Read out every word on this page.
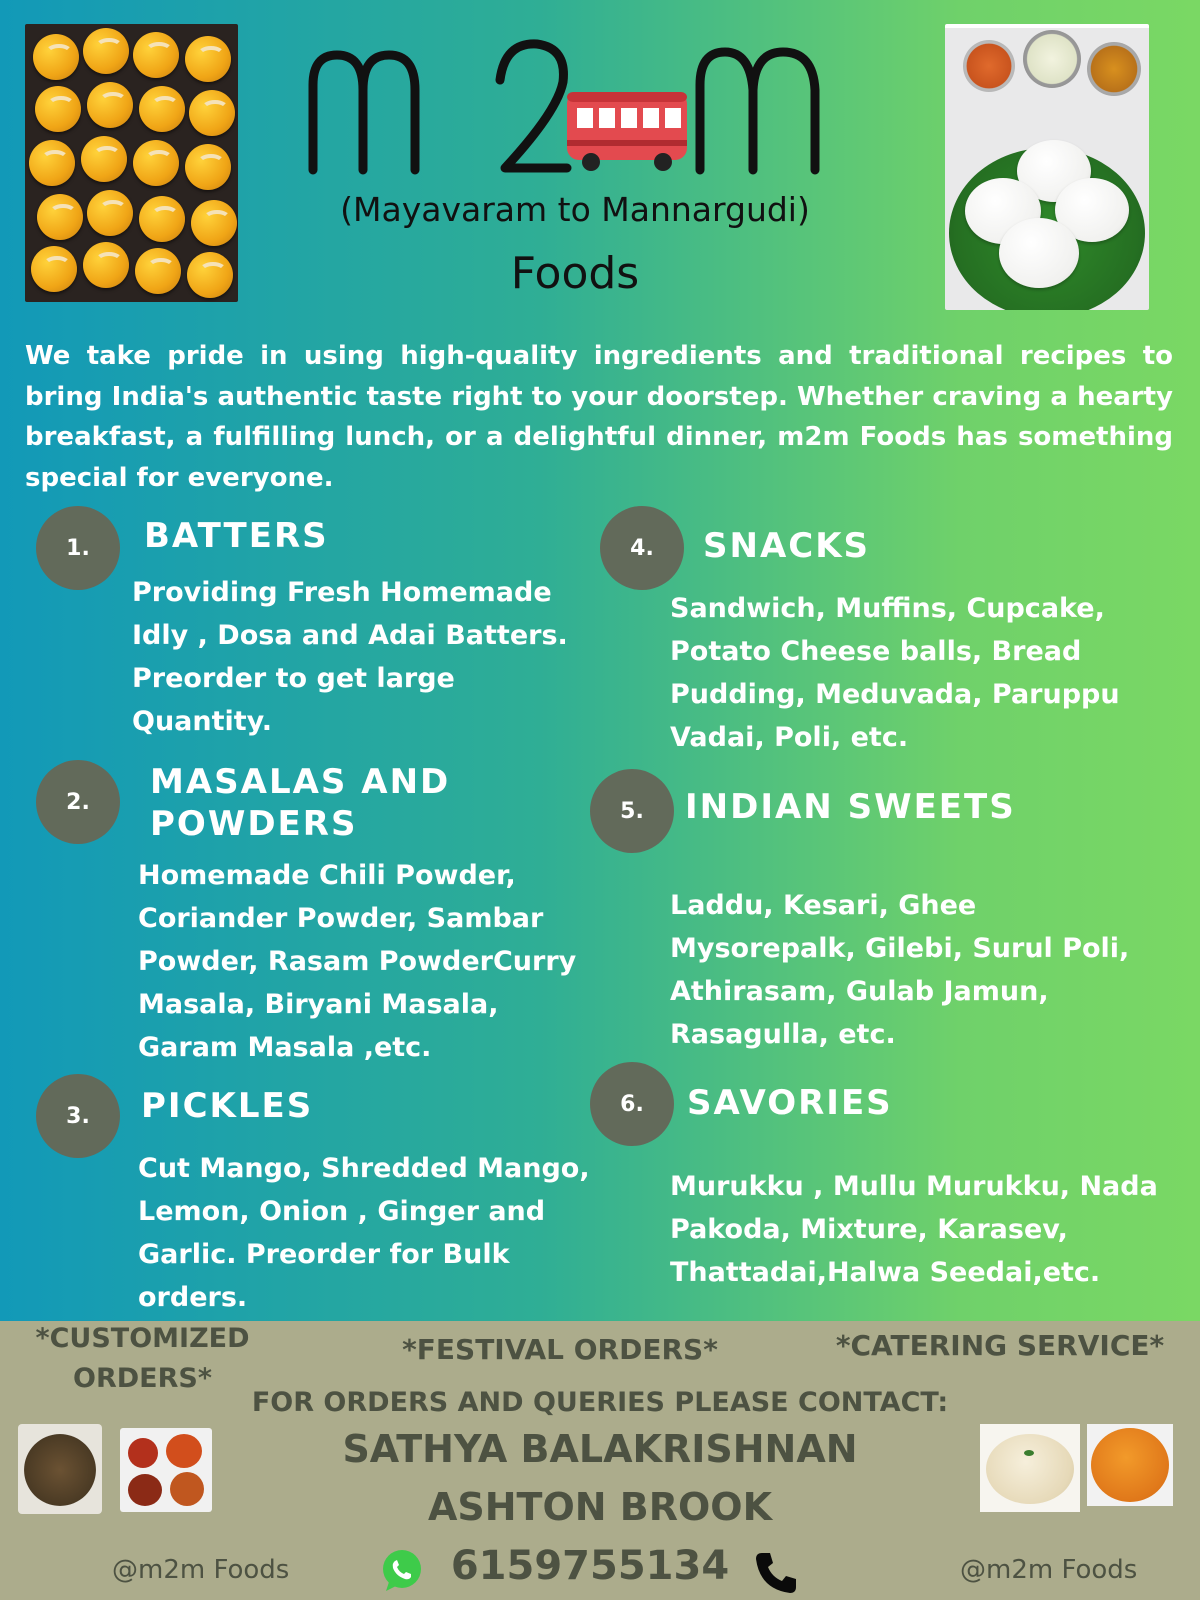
(Mayavaram to Mannargudi)
Foods
We take pride in using high-quality ingredients and traditional recipes to bring India's authentic taste right to your doorstep. Whether craving a hearty breakfast, a fulfilling lunch, or a delightful dinner, m2m Foods has something special for everyone.
1.	BATTERS
Providing Fresh Homemade
Idly , Dosa and Adai Batters.
Preorder to get large
Quantity.
2.	MASALAS AND
POWDERS
Homemade Chili Powder,
Coriander Powder, Sambar
Powder, Rasam PowderCurry
Masala, Biryani Masala,
Garam Masala ,etc.
3.	PICKLES
Cut Mango, Shredded Mango,
Lemon, Onion , Ginger and
Garlic. Preorder for Bulk
orders.
4.	SNACKS
Sandwich, Muffins, Cupcake,
Potato Cheese balls, Bread
Pudding, Meduvada, Paruppu
Vadai, Poli, etc.
5.	INDIAN SWEETS
Laddu, Kesari, Ghee
Mysorepalk, Gilebi, Surul Poli,
Athirasam, Gulab Jamun,
Rasagulla, etc.
6.	SAVORIES
Murukku , Mullu Murukku, Nada
Pakoda, Mixture, Karasev,
Thattadai,Halwa Seedai,etc.
*CUSTOMIZED
ORDERS*
*FESTIVAL ORDERS*	*CATERING SERVICE*
FOR ORDERS AND QUERIES PLEASE CONTACT:
SATHYA BALAKRISHNAN
ASHTON BROOK
6159755134
@m2m Foods	@m2m Foods
